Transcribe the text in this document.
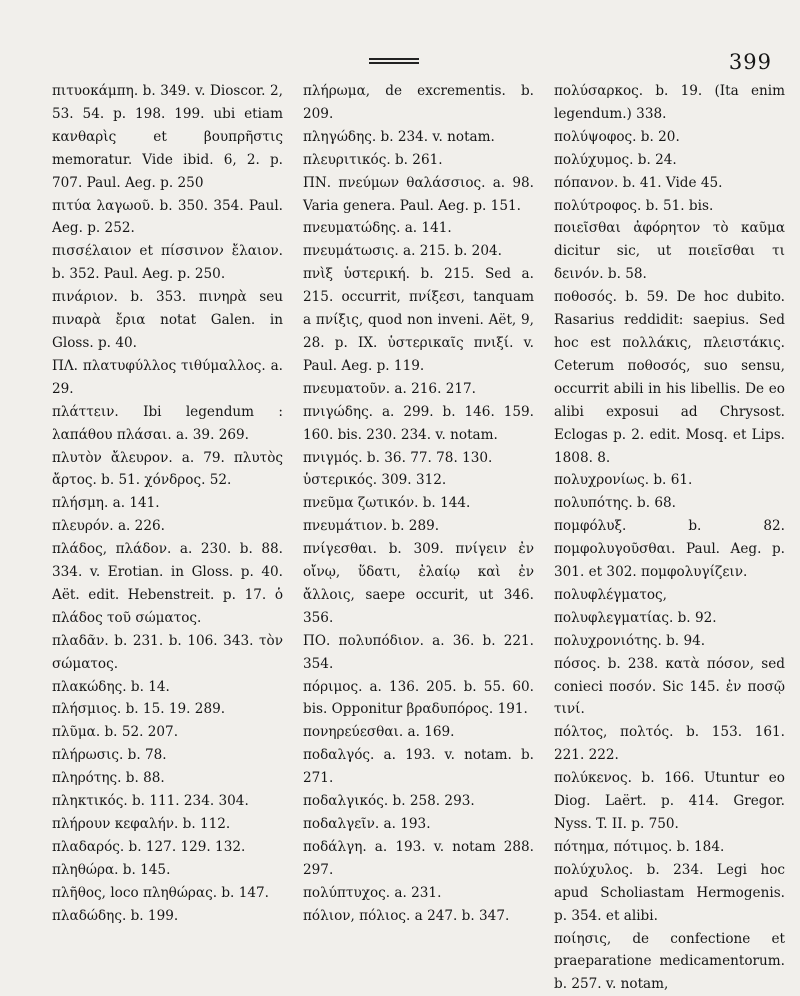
399

πιτυοκάμπη. b. 349. v. Dioscor. 2, 53. 54. p. 198. 199. ubi etiam κανθαρὶς et βουπρῆστις memoratur. Vide ibid. 6, 2. p. 707. Paul. Aeg. p. 250

πιτύα λαγωοῦ. b. 350. 354. Paul. Aeg. p. 252.

πισσέλαιον et πίσσινον ἔλαιον. b. 352. Paul. Aeg. p. 250.

πινάριον. b. 353. πινηρὰ seu πιναρὰ ἔρια notat Galen. in Gloss. p. 40.

ΠΛ. πλατυφύλλος τιθύμαλλος. a. 29.

πλάττειν. Ibi legendum : λαπάθου πλάσαι. a. 39. 269.

πλυτὸν ἄλευρον. a. 79. πλυτὸς ἄρτος. b. 51. χόνδρος. 52.

πλήσμη. a. 141.

πλευρόν. a. 226.

πλάδος, πλάδον. a. 230. b. 88. 334. v. Erotian. in Gloss. p. 40. Aët. edit. Hebenstreit. p. 17. ὁ πλάδος τοῦ σώματος.

πλαδᾶν. b. 231. b. 106. 343. τὸν σώματος.

πλακώδης. b. 14.

πλήσμιος. b. 15. 19. 289.

πλῦμα. b. 52. 207.

πλήρωσις. b. 78.

πληρότης. b. 88.

πληκτικός. b. 111. 234. 304.

πλήρουν κεφαλήν. b. 112.

πλαδαρός. b. 127. 129. 132.

πληθώρα. b. 145.

πλῆθος, loco πληθώρας. b. 147.

πλαδώδης. b. 199.

πλήρωμα, de excrementis. b. 209.

πληγώδης. b. 234. v. notam.

πλευριτικός. b. 261.

ΠΝ. πνεύμων θαλάσσιος. a. 98. Varia genera. Paul. Aeg. p. 151.

πνευματώδης. a. 141.

πνευμάτωσις. a. 215. b. 204.

πνὶξ ὑστερική. b. 215. Sed a. 215. occurrit, πνίξεσι, tanquam a πνίξις, quod non inveni. Aët, 9, 28. p. IX. ὑστερικαῖς πνιξί. v. Paul. Aeg. p. 119.

πνευματοῦν. a. 216. 217.

πνιγώδης. a. 299. b. 146. 159. 160. bis. 230. 234. v. notam.

πνιγμός. b. 36. 77. 78. 130.

ὑστερικός. 309. 312.

πνεῦμα ζωτικόν. b. 144.

πνευμάτιον. b. 289.

πνίγεσθαι. b. 309. πνίγειν ἐν οἴνῳ, ὕδατι, ἐλαίῳ καὶ ἐν ἄλλοις, saepe occurit, ut 346. 356.

ΠΟ. πολυπόδιον. a. 36. b. 221. 354.

πόριμος. a. 136. 205. b. 55. 60. bis. Opponitur βραδυπόρος. 191.

πονηρεύεσθαι. a. 169.

ποδαλγός. a. 193. v. notam. b. 271.

ποδαλγικός. b. 258. 293.

ποδαλγεῖν. a. 193.

ποδάλγη. a. 193. v. notam 288. 297.

πολύπτυχος. a. 231.

πόλιον, πόλιος. a 247. b. 347.

πολύσαρκος. b. 19. (Ita enim legendum.) 338.

πολύψοφος. b. 20.

πολύχυμος. b. 24.

πόπανον. b. 41. Vide 45.

πολύτροφος. b. 51. bis.

ποιεῖσθαι ἀφόρητον τὸ καῦμα dicitur sic, ut ποιεῖσθαι τι δεινόν. b. 58.

ποθοσός. b. 59. De hoc dubito. Rasarius reddidit: saepius. Sed hoc est πολλάκις, πλειστάκις. Ceterum ποθοσός, suo sensu, occurrit abili in his libellis. De eo alibi exposui ad Chrysost. Eclogas p. 2. edit. Mosq. et Lips. 1808. 8.

πολυχρονίως. b. 61.

πολυπότης. b. 68.

πομφόλυξ. b. 82. πομφολυγοῦσθαι. Paul. Aeg. p. 301. et 302. πομφολυγίζειν.

πολυφλέγματος, πολυφλεγματίας. b. 92.

πολυχρονιότης. b. 94.

πόσος. b. 238. κατὰ πόσον, sed conieci ποσόν. Sic 145. ἐν ποσῷ τινί.

πόλτος, πολτός. b. 153. 161. 221. 222.

πολύκενος. b. 166. Utuntur eo Diog. Laërt. p. 414. Gregor. Nyss. T. II. p. 750.

πότημα, πότιμος. b. 184.

πολύχυλος. b. 234. Legi hoc apud Scholiastam Hermogenis. p. 354. et alibi.

ποίησις, de confectione et praeparatione medicamentorum. b. 257. v. notam,
